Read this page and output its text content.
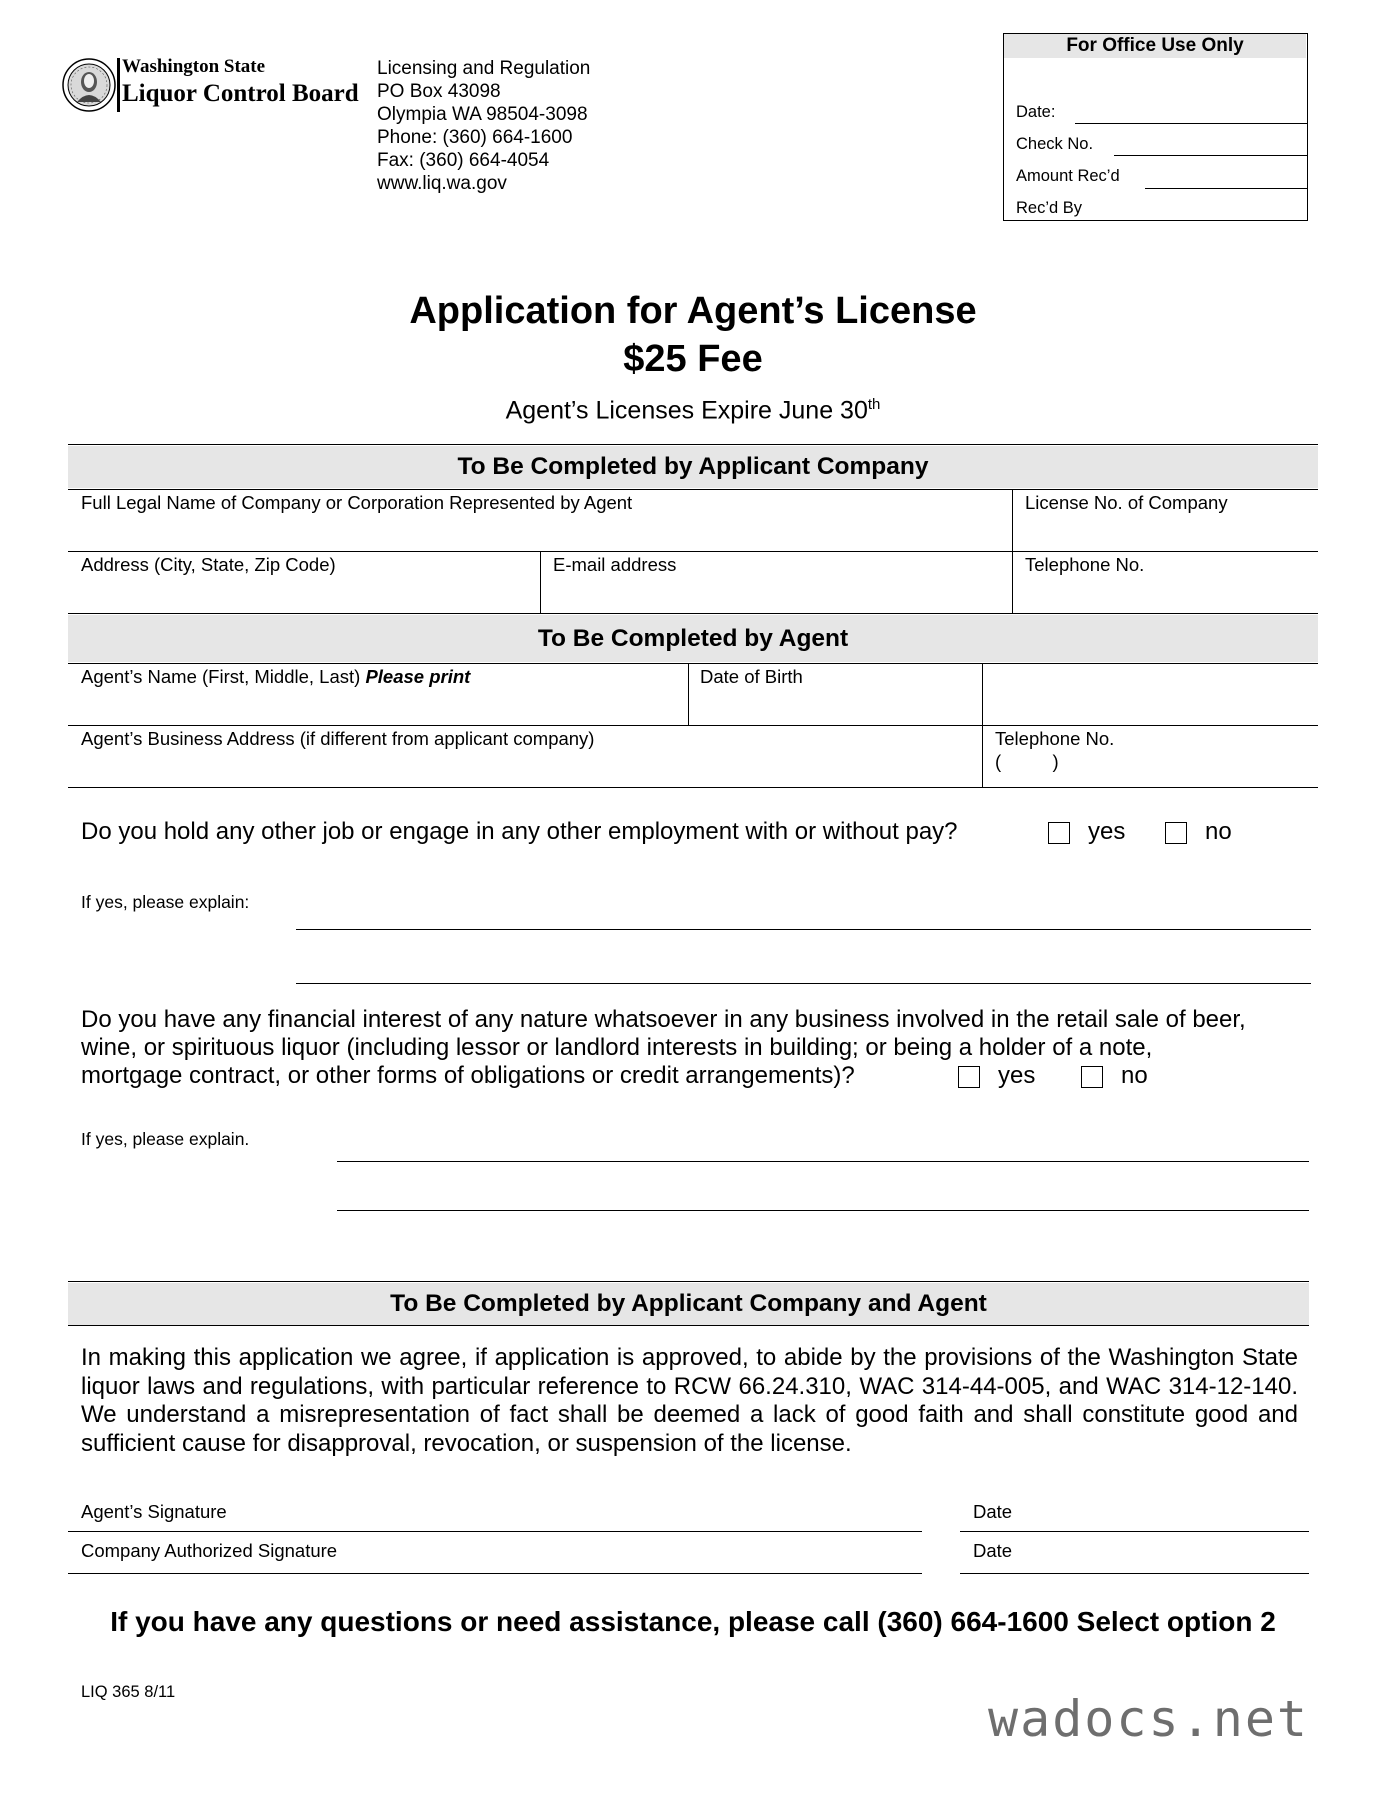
Washington State
Liquor Control Board
Licensing and Regulation
PO Box 43098
Olympia WA 98504-3098
Phone: (360) 664-1600
Fax: (360) 664-4054
www.liq.wa.gov
For Office Use Only
Date:
Check No.
Amount Rec’d
Rec’d By
Application for Agent’s License
$25 Fee
Agent’s Licenses Expire June 30th
To Be Completed by Applicant Company
Full Legal Name of Company or Corporation Represented by Agent	License No. of Company
Address (City, State, Zip Code)	E-mail address	Telephone No.
To Be Completed by Agent
Agent’s Name (First, Middle, Last) Please print	Date of Birth
Agent’s Business Address (if different from applicant company)	Telephone No.
(          )
Do you hold any other job or engage in any other employment with or without pay?	yes	no
If yes, please explain:
Do you have any financial interest of any nature whatsoever in any business involved in the retail sale of beer,
wine, or spirituous liquor (including lessor or landlord interests in building; or being a holder of a note,
mortgage contract, or other forms of obligations or credit arrangements)?	yes	no
If yes, please explain.
To Be Completed by Applicant Company and Agent
In making this application we agree, if application is approved, to abide by the provisions of the Washington State liquor laws and regulations, with particular reference to RCW 66.24.310, WAC 314-44-005, and WAC 314-12-140. We understand a misrepresentation of fact shall be deemed a lack of good faith and shall constitute good and sufficient cause for disapproval, revocation, or suspension of the license.
Agent’s Signature	Date
Company Authorized Signature	Date
If you have any questions or need assistance, please call (360) 664-1600 Select option 2
LIQ 365 8/11	wadocs.net
